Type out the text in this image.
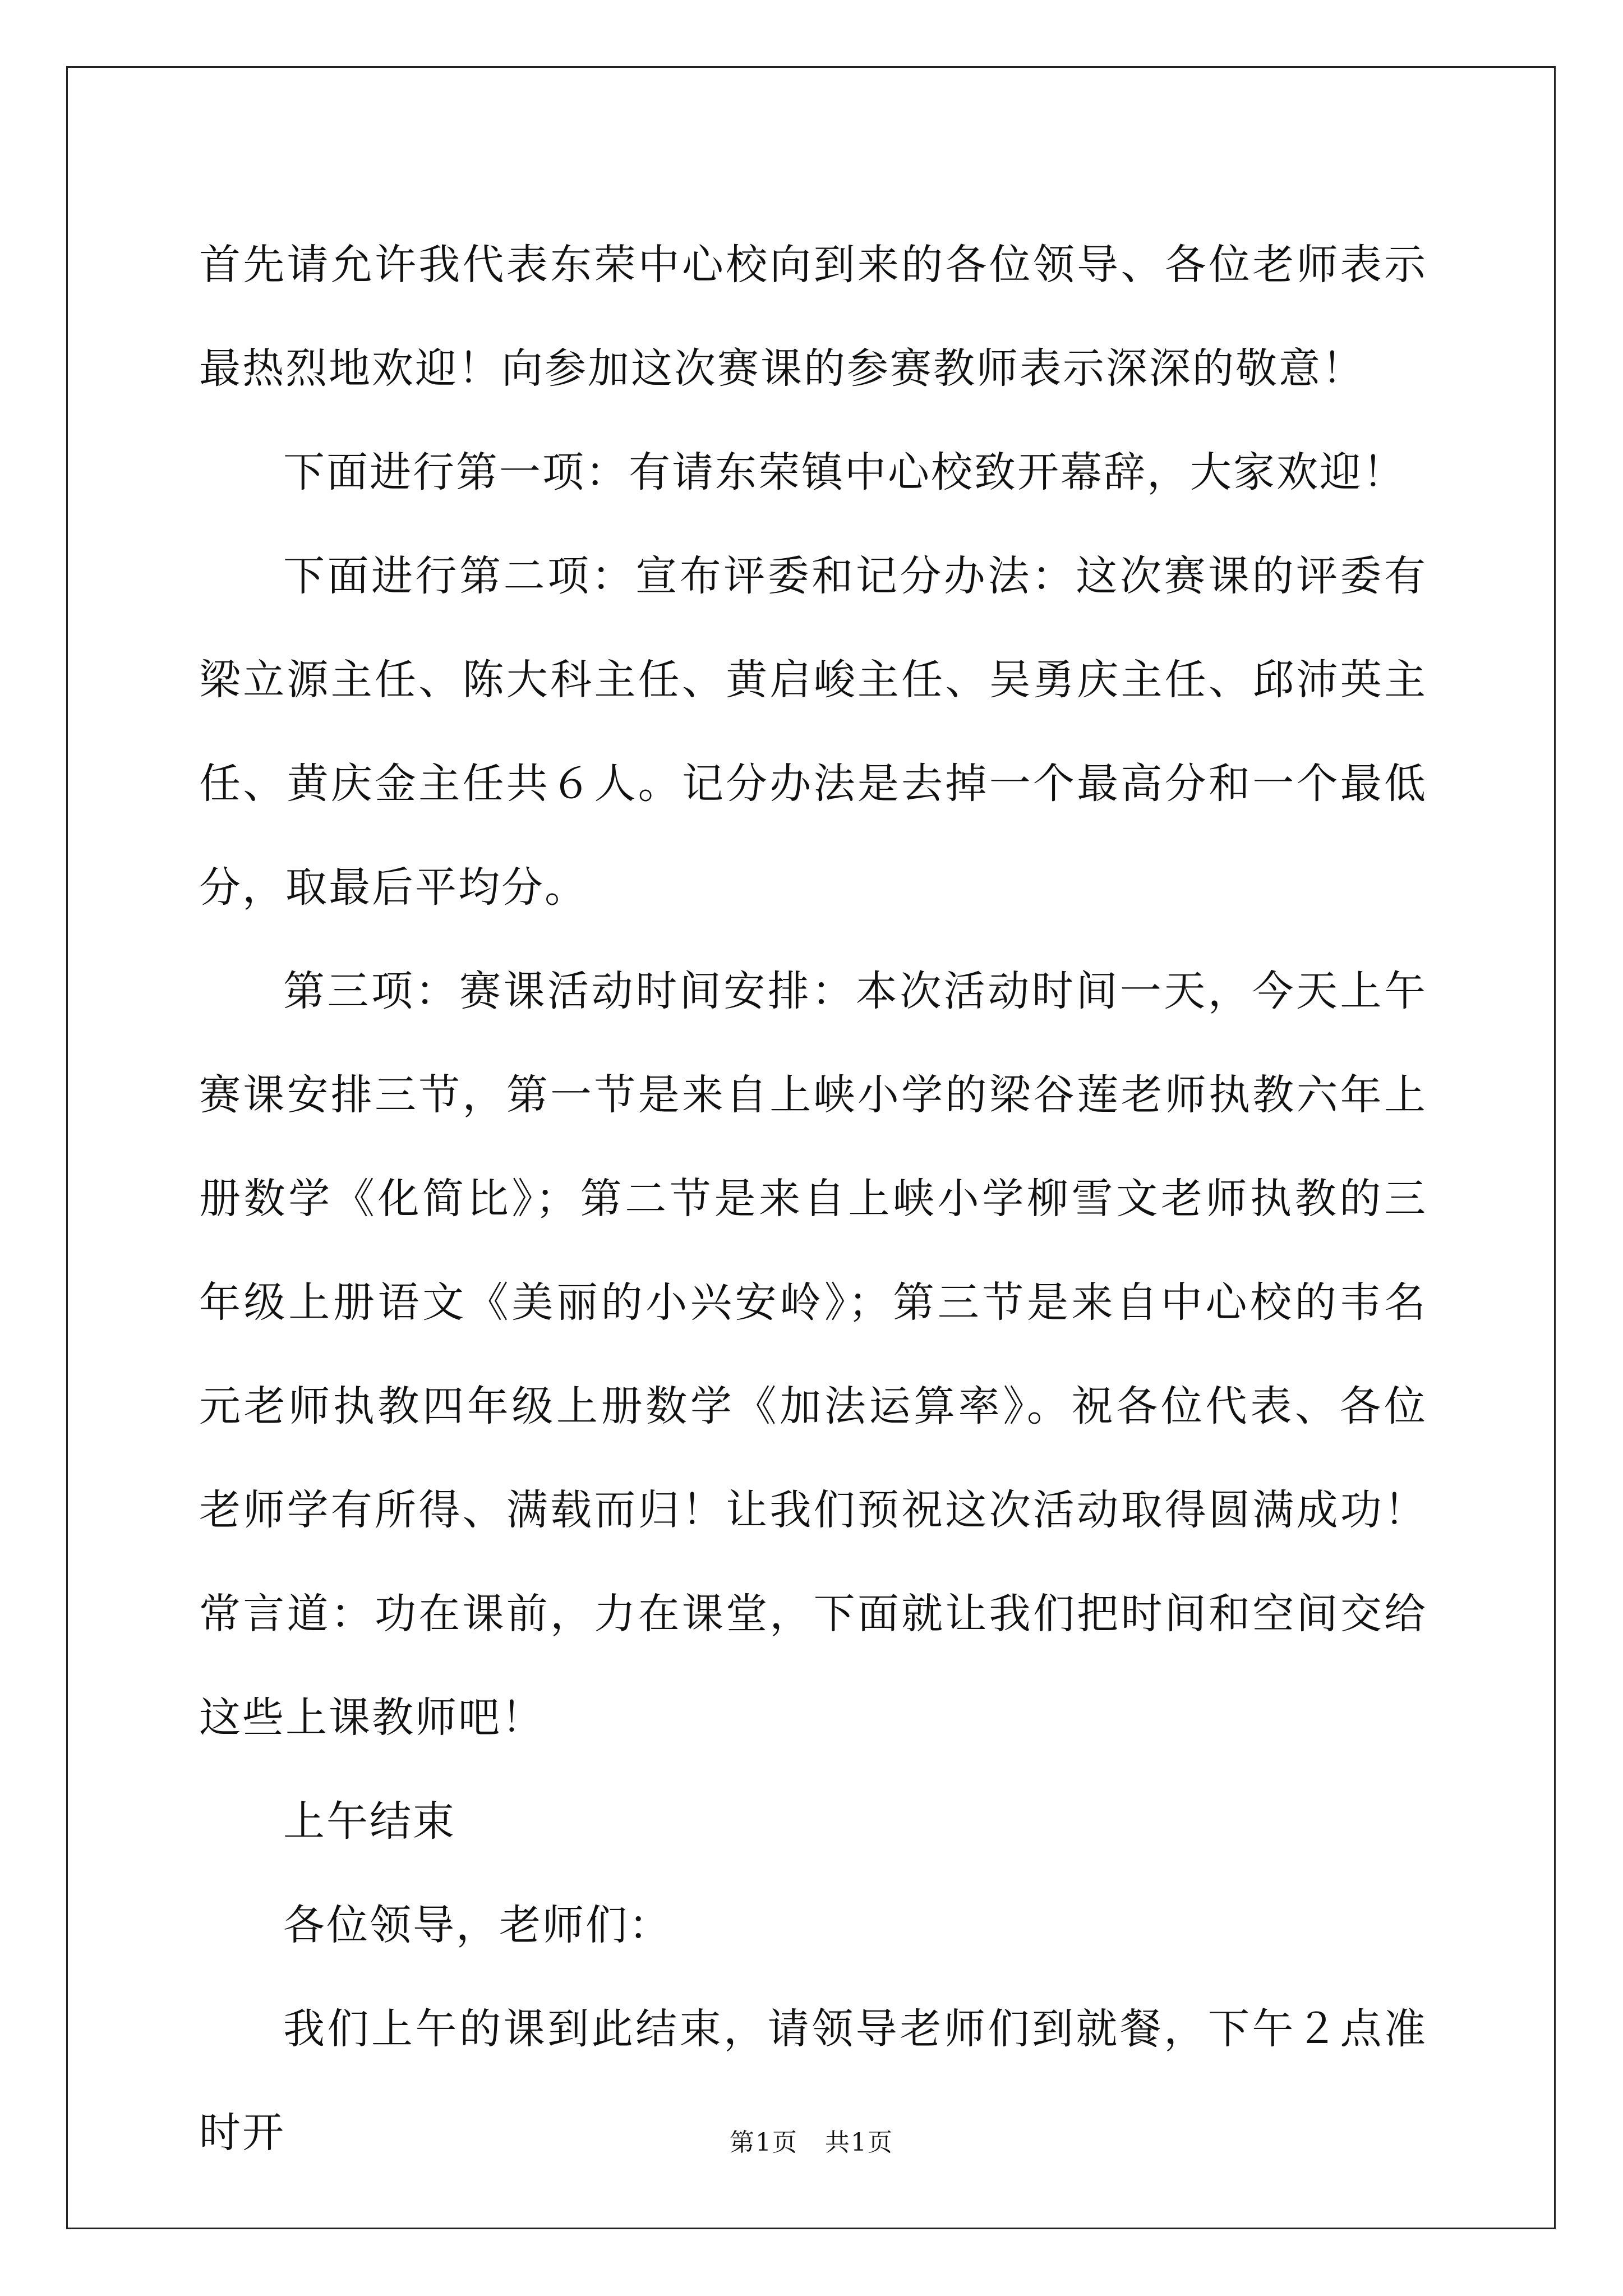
首先请允许我代表东荣中心校向到来的各位领导、各位老师表示最热烈地欢迎！向参加这次赛课的参赛教师表示深深的敬意！

下面进行第一项：有请东荣镇中心校致开幕辞，大家欢迎！

下面进行第二项：宣布评委和记分办法：这次赛课的评委有梁立源主任、陈大科主任、黄启峻主任、吴勇庆主任、邱沛英主任、黄庆金主任共６人。记分办法是去掉一个最高分和一个最低分，取最后平均分。

第三项：赛课活动时间安排：本次活动时间一天，今天上午赛课安排三节，第一节是来自上峡小学的梁谷莲老师执教六年上册数学《化简比》；第二节是来自上峡小学柳雪文老师执教的三年级上册语文《美丽的小兴安岭》；第三节是来自中心校的韦名元老师执教四年级上册数学《加法运算率》。祝各位代表、各位老师学有所得、满载而归！让我们预祝这次活动取得圆满成功！常言道：功在课前，力在课堂，下面就让我们把时间和空间交给这些上课教师吧！

上午结束

各位领导，老师们：

我们上午的课到此结束，请领导老师们到就餐，下午２点准时开	第1页 共1页
